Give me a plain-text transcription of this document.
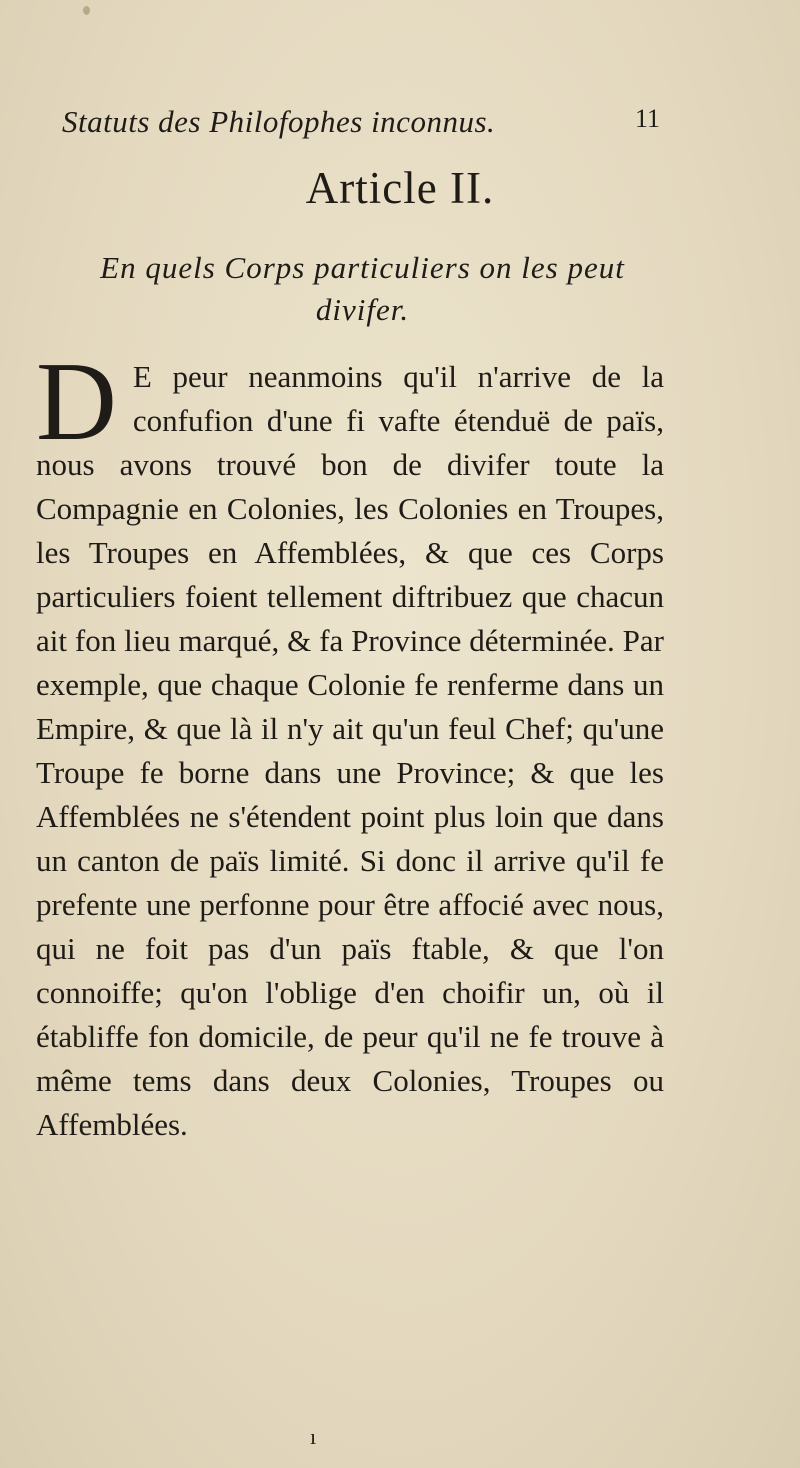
Statuts des Philofophes inconnus.	11
Article II.
En quels Corps particuliers on les peut divifer.
D E peur neanmoins qu'il n'arrive de la confufion d'une fi vafte étenduë de païs, nous avons trouvé bon de divifer toute la Compagnie en Colonies, les Colonies en Troupes, les Troupes en Affemblées, & que ces Corps particuliers foient tellement diftribuez que chacun ait fon lieu marqué, & fa Province déterminée. Par exemple, que chaque Colonie fe renferme dans un Empire, & que là il n'y ait qu'un feul Chef; qu'une Troupe fe borne dans une Province; & que les Affemblées ne s'étendent point plus loin que dans un canton de païs limité. Si donc il arrive qu'il fe prefente une perfonne pour être affocié avec nous, qui ne foit pas d'un païs ftable, & que l'on connoiffe; qu'on l'oblige d'en choifir un, où il établiffe fon domicile, de peur qu'il ne fe trouve à même tems dans deux Colonies, Troupes ou Affemblées.
ı
